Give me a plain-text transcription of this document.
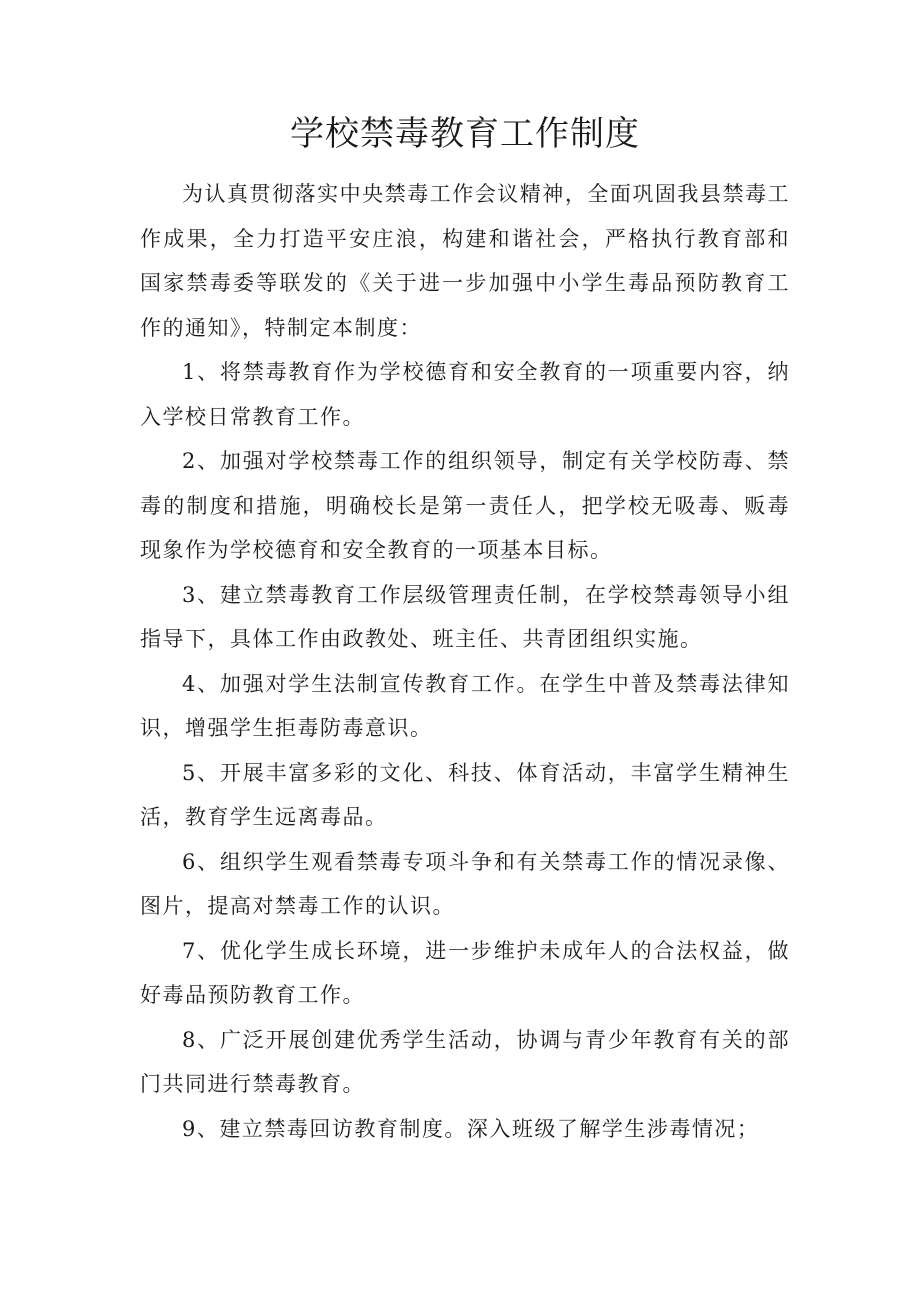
学校禁毒教育工作制度

为认真贯彻落实中央禁毒工作会议精神，全面巩固我县禁毒工作成果，全力打造平安庄浪，构建和谐社会，严格执行教育部和国家禁毒委等联发的《关于进一步加强中小学生毒品预防教育工作的通知》，特制定本制度：

1、将禁毒教育作为学校德育和安全教育的一项重要内容，纳入学校日常教育工作。

2、加强对学校禁毒工作的组织领导，制定有关学校防毒、禁毒的制度和措施，明确校长是第一责任人，把学校无吸毒、贩毒现象作为学校德育和安全教育的一项基本目标。

3、建立禁毒教育工作层级管理责任制，在学校禁毒领导小组指导下，具体工作由政教处、班主任、共青团组织实施。

4、加强对学生法制宣传教育工作。在学生中普及禁毒法律知识，增强学生拒毒防毒意识。

5、开展丰富多彩的文化、科技、体育活动，丰富学生精神生活，教育学生远离毒品。

6、组织学生观看禁毒专项斗争和有关禁毒工作的情况录像、图片，提高对禁毒工作的认识。

7、优化学生成长环境，进一步维护未成年人的合法权益，做好毒品预防教育工作。

8、广泛开展创建优秀学生活动，协调与青少年教育有关的部门共同进行禁毒教育。

9、建立禁毒回访教育制度。深入班级了解学生涉毒情况；
